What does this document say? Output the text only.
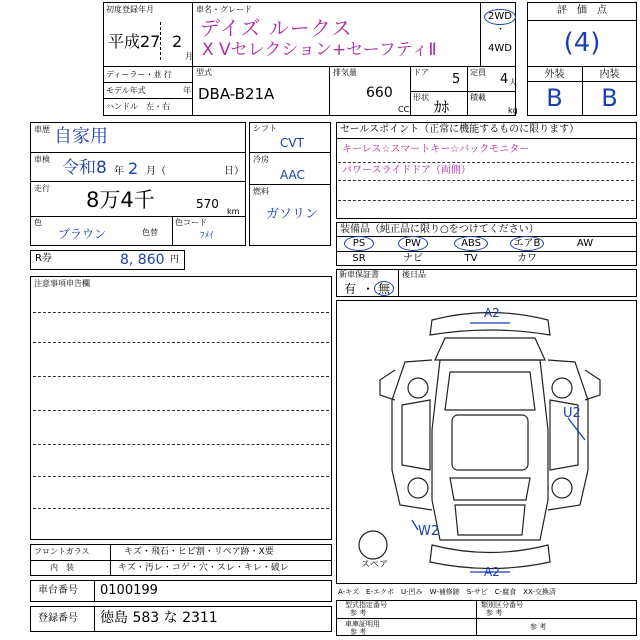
初度登録年月
平成27 2
月
車名・グレード
デイズ ルークス
X Vセレクション+セーフティⅡ
2WD
・
4WD
ディーラー・並 行
モデル年式	年
ハンドル　左・右
型式
DBA-B21A
排気量
660
CC
ドア 5 定員 4 人
形状
ｶﾎ
積載
kg
評　価　点
(4)
外装	内装
B	B
車歴 自家用
車検 令和8 年 2 月（	日）
走行 8万4千	570
km
色
ブラウン	色替
色コード
ﾌﾒｲ
シフト
CVT
冷房
AAC
燃料
ガソリン
R券	8, 860 円
セールスポイント（正常に機能するものに限ります）
キーレス☆スマートキー☆バックモニター
パワースライドドア（両側）
装備品（純正品に限り○をつけてください）
PS	PW	ABS	エアB	AW
SR	ナビ	TV	カワ
新車保証書
有 ・ 無
後日品
注意事項申告欄
A2
U2
W2
A2
スペア
フロントガラス	キズ・飛石・ヒビ割・リペア跡・X要
内　装	キズ・汚レ・コゲ・穴・スレ・キレ・破レ
A-キズ　E-エクボ　U-凹み　W-補修跡　S-サビ　C-腐食　XX-交換済
車台番号 0100199
登録番号 徳島 583 な 2311
型式指定番号
参 考
類別区分番号
参 考
車庫証明用
参 考
参 考
